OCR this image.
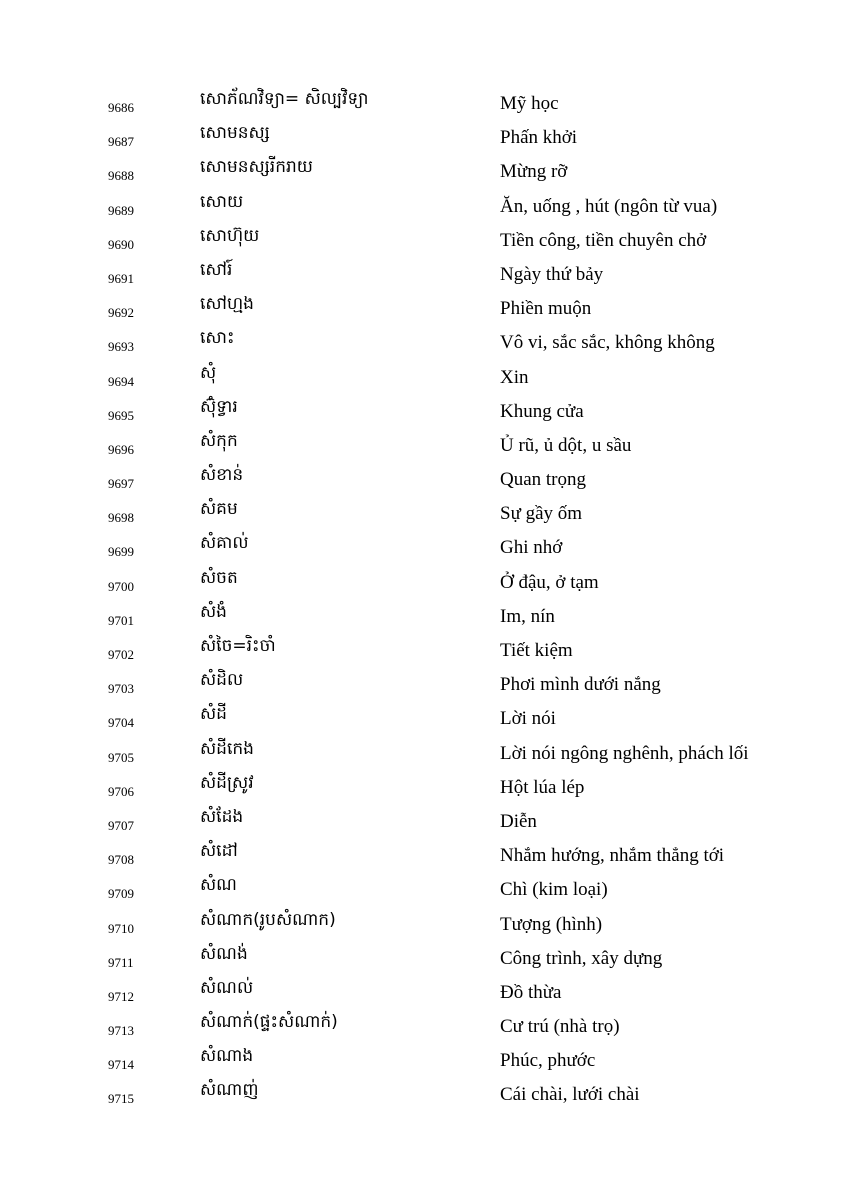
9686	សោភ័ណវិទ្យា= សិល្បវិទ្យា	Mỹ học
9687	សោមនស្ស	Phấn khởi
9688	សោមនស្សរីករាយ	Mừng rỡ
9689	សោយ	Ăn, uống , hút (ngôn từ vua)
9690	សោហ៊ុយ	Tiền công, tiền chuyên chở
9691	សៅរ៍	Ngày thứ bảy
9692	សៅហ្មង	Phiền muộn
9693	សោះ	Vô vi, sắc sắc, không không
9694	សុំ	Xin
9695	ស៊ុំទ្វារ	Khung cửa
9696	សំកុក	Ủ rũ, ủ dột, u sầu
9697	សំខាន់	Quan trọng
9698	សំគម	Sự gầy ốm
9699	សំគាល់	Ghi nhớ
9700	សំចត	Ở đậu, ở tạm
9701	សំងំ	Im, nín
9702	សំចៃ=រិះចាំ	Tiết kiệm
9703	សំដិល	Phơi mình dưới nắng
9704	សំដី	Lời nói
9705	សំដីកេង	Lời nói ngông nghênh, phách lối
9706	សំដីស្រូវ	Hột lúa lép
9707	សំដែង	Diễn
9708	សំដៅ	Nhắm hướng, nhắm thẳng tới
9709	សំណ	Chì (kim loại)
9710	សំណាក(រូបសំណាក)	Tượng (hình)
9711	សំណង់	Công trình, xây dựng
9712	សំណល់	Đồ thừa
9713	សំណាក់(ផ្ទះសំណាក់)	Cư trú (nhà trọ)
9714	សំណាង	Phúc, phước
9715	សំណាញ់	Cái chài, lưới chài
